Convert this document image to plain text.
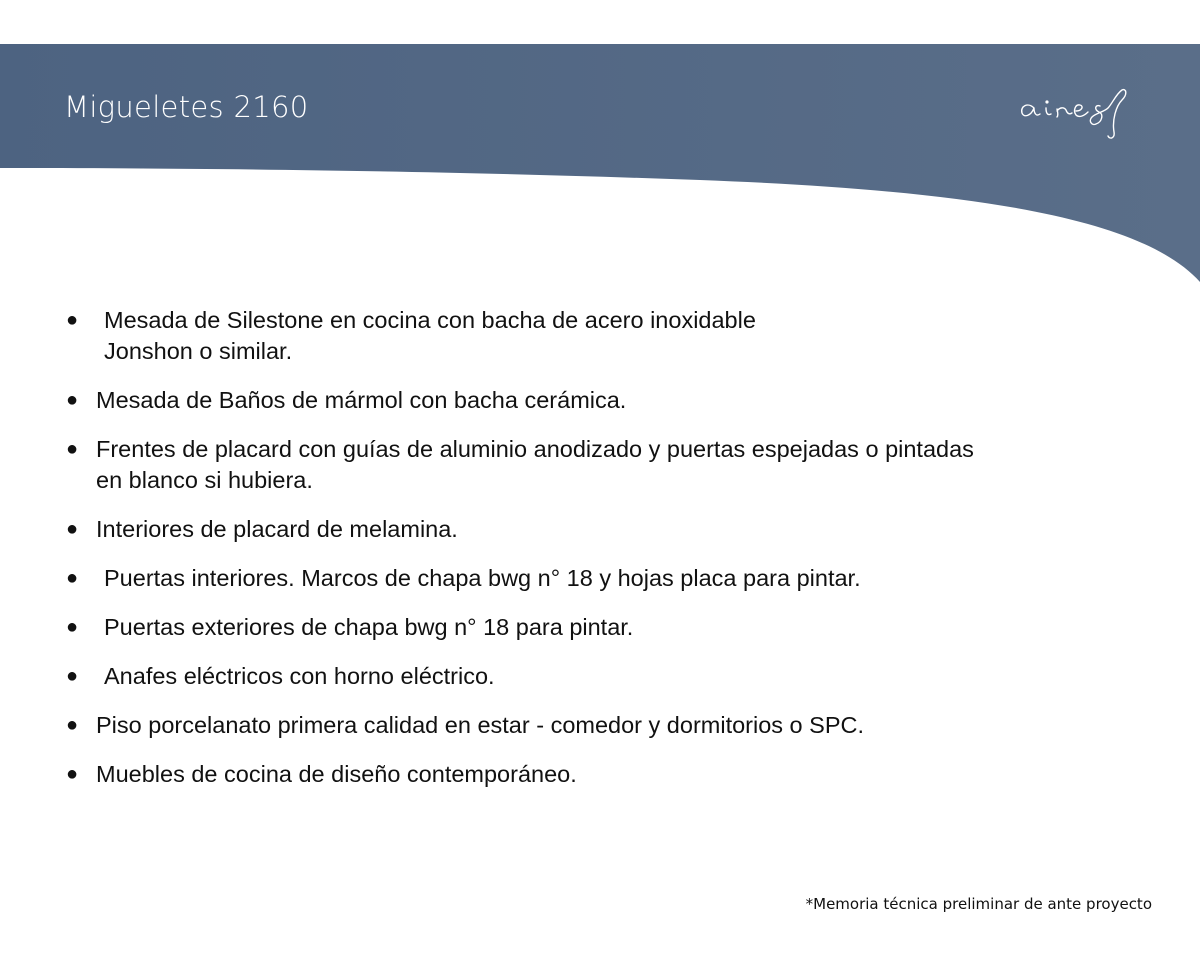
Migueletes 2160
●	Mesada de Silestone en cocina con bacha de acero inoxidable
Jonshon o similar.
● Mesada de Baños de mármol con bacha cerámica.
● Frentes de placard con guías de aluminio anodizado y puertas espejadas o pintadas
en blanco si hubiera.
● Interiores de placard de melamina.
●	Puertas interiores. Marcos de chapa bwg n° 18 y hojas placa para pintar.
●	Puertas exteriores de chapa bwg n° 18 para pintar.
●	Anafes eléctricos con horno eléctrico.
● Piso porcelanato primera calidad en estar - comedor y dormitorios o SPC.
● Muebles de cocina de diseño contemporáneo.

*Memoria técnica preliminar de ante proyecto
